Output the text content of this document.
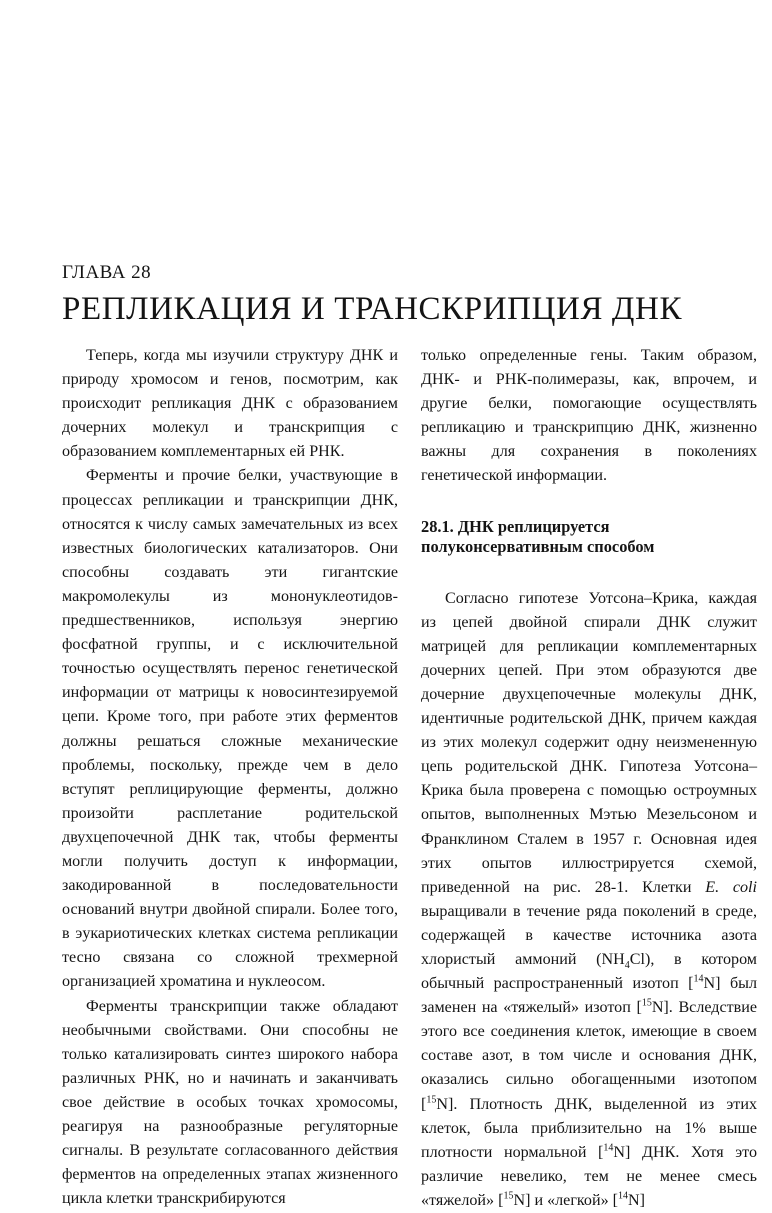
ГЛАВА 28
РЕПЛИКАЦИЯ И ТРАНСКРИПЦИЯ ДНК

Теперь, когда мы изучили структуру ДНК и природу хромосом и генов, посмотрим, как происходит репликация ДНК с образованием дочерних молекул и транскрипция с образованием комплементарных ей РНК.

Ферменты и прочие белки, участвующие в процессах репликации и транскрипции ДНК, относятся к числу самых замечательных из всех известных биологических катализаторов. Они способны создавать эти гигантские макромолекулы из мононуклеотидов-предшественников, используя энергию фосфатной группы, и с исключительной точностью осуществлять перенос генетической информации от матрицы к новосинтезируемой цепи. Кроме того, при работе этих ферментов должны решаться сложные механические проблемы, поскольку, прежде чем в дело вступят реплицирующие ферменты, должно произойти расплетание родительской двухцепочечной ДНК так, чтобы ферменты могли получить доступ к информации, закодированной в последовательности оснований внутри двойной спирали. Более того, в эукариотических клетках система репликации тесно связана со сложной трехмерной организацией хроматина и нуклеосом.

Ферменты транскрипции также обладают необычными свойствами. Они способны не только катализировать синтез широкого набора различных РНК, но и начинать и заканчивать свое действие в особых точках хромосомы, реагируя на разнообразные регуляторные сигналы. В результате согласованного действия ферментов на определенных этапах жизненного цикла клетки транскрибируются

только определенные гены. Таким образом, ДНК- и РНК-полимеразы, как, впрочем, и другие белки, помогающие осуществлять репликацию и транскрипцию ДНК, жизненно важны для сохранения в поколениях генетической информации.

28.1. ДНК реплицируется полуконсервативным способом

Согласно гипотезе Уотсона–Крика, каждая из цепей двойной спирали ДНК служит матрицей для репликации комплементарных дочерних цепей. При этом образуются две дочерние двухцепочечные молекулы ДНК, идентичные родительской ДНК, причем каждая из этих молекул содержит одну неизмененную цепь родительской ДНК. Гипотеза Уотсона–Крика была проверена с помощью остроумных опытов, выполненных Мэтью Мезельсоном и Франклином Сталем в 1957 г. Основная идея этих опытов иллюстрируется схемой, приведенной на рис. 28-1. Клетки E. coli выращивали в течение ряда поколений в среде, содержащей в качестве источника азота хлористый аммоний $(NH_4Cl)$, в котором обычный распространенный изотоп [$^{14}$N] был заменен на «тяжелый» изотоп [$^{15}$N]. Вследствие этого все соединения клеток, имеющие в своем составе азот, в том числе и основания ДНК, оказались сильно обогащенными изотопом [$^{15}$N]. Плотность ДНК, выделенной из этих клеток, была приблизительно на 1% выше плотности нормальной [$^{14}$N] ДНК. Хотя это различие невелико, тем не менее смесь «тяжелой» [$^{15}$N] и «легкой» [$^{14}$N]
